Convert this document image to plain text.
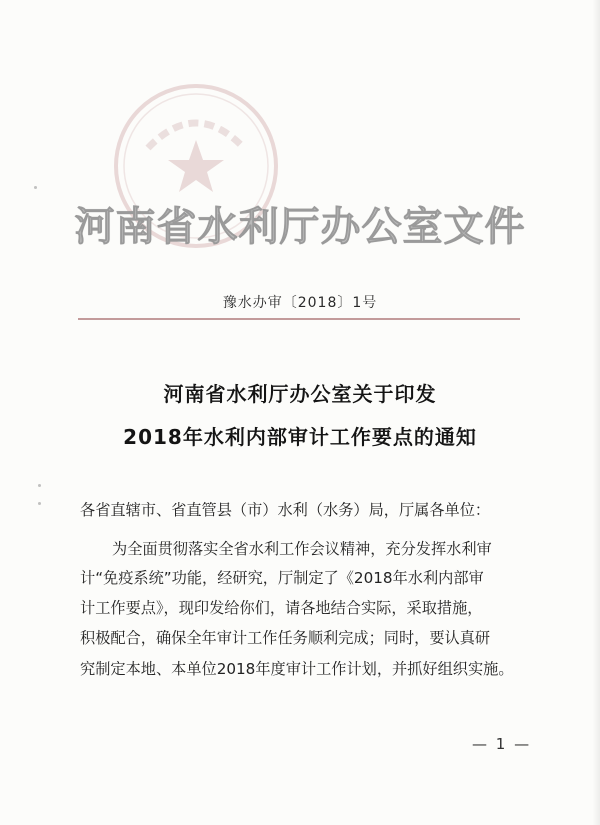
河南省水利厅办公室文件
豫水办审〔2018〕1号
河南省水利厅办公室关于印发
2018年水利内部审计工作要点的通知
各省直辖市、省直管县（市）水利（水务）局，厅属各单位：
为全面贯彻落实全省水利工作会议精神，充分发挥水利审
计“免疫系统”功能，经研究，厅制定了《2018年水利内部审
计工作要点》，现印发给你们，请各地结合实际，采取措施，
积极配合，确保全年审计工作任务顺利完成；同时，要认真研
究制定本地、本单位2018年度审计工作计划，并抓好组织实施。
— 1 —
